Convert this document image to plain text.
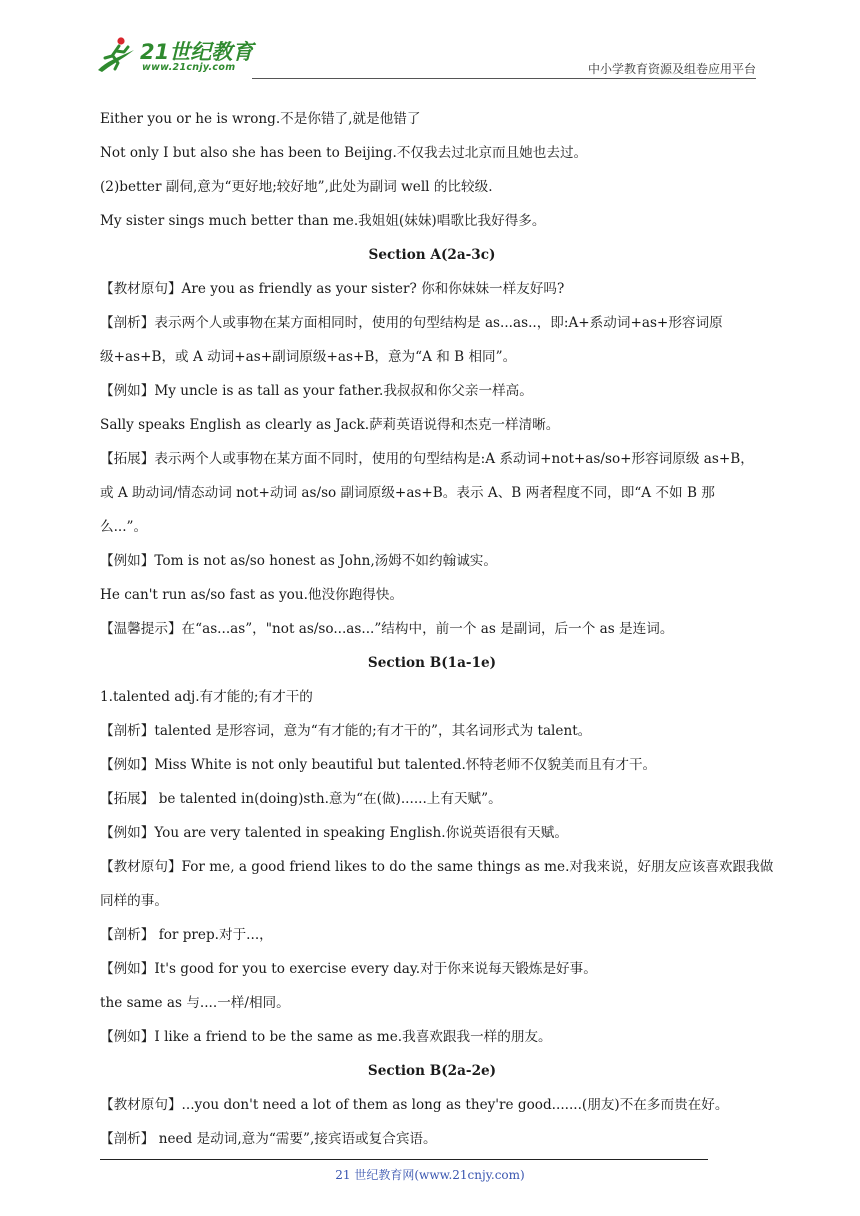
21世纪教育
www.21cnjy.com	中小学教育资源及组卷应用平台
Either you or he is wrong.不是你错了,就是他错了
Not only I but also she has been to Beijing.不仅我去过北京而且她也去过。
(2)better 副伺,意为“更好地;较好地”,此处为副词 well 的比较级.
My sister sings much better than me.我姐姐(妹妹)唱歌比我好得多。
Section A(2a-3c)
【教材原句】Are you as friendly as your sister? 你和你妹妹一样友好吗?
【剖析】表示两个人或事物在某方面相同时，使用的句型结构是 as...as..，即:A+系动词+as+形容词原
级+as+B，或 A 动词+as+副词原级+as+B，意为“A 和 B 相同”。
【例如】My uncle is as tall as your father.我叔叔和你父亲一样高。
Sally speaks English as clearly as Jack.萨莉英语说得和杰克一样清晰。
【拓展】表示两个人或事物在某方面不同时，使用的句型结构是:A 系动词+not+as/so+形容词原级 as+B，
或 A 助动词/情态动词 not+动词 as/so 副词原级+as+B。表示 A、B 两者程度不同，即“A 不如 B 那
么...”。
【例如】Tom is not as/so honest as John,汤姆不如约翰诚实。
He can't run as/so fast as you.他没你跑得快。
【温馨提示】在“as...as”，"not as/so...as...”结构中，前一个 as 是副词，后一个 as 是连词。
Section B(1a-1e)
1.talented adj.有才能的;有才干的
【剖析】talented 是形容词，意为“有才能的;有才干的”，其名词形式为 talent。
【例如】Miss White is not only beautiful but talented.怀特老师不仅貌美而且有才干。
【拓展】 be talented in(doing)sth.意为“在(做)......上有天赋”。
【例如】You are very talented in speaking English.你说英语很有天赋。
【教材原句】For me, a good friend likes to do the same things as me.对我来说，好朋友应该喜欢跟我做
同样的事。
【剖析】 for prep.对于...，
【例如】It's good for you to exercise every day.对于你来说每天锻炼是好事。
the same as 与....一样/相同。
【例如】I like a friend to be the same as me.我喜欢跟我一样的朋友。
Section B(2a-2e)
【教材原句】...you don't need a lot of them as long as they're good.......(朋友)不在多而贵在好。
【剖析】 need 是动词,意为“需要”,接宾语或复合宾语。
21 世纪教育网(www.21cnjy.com)
